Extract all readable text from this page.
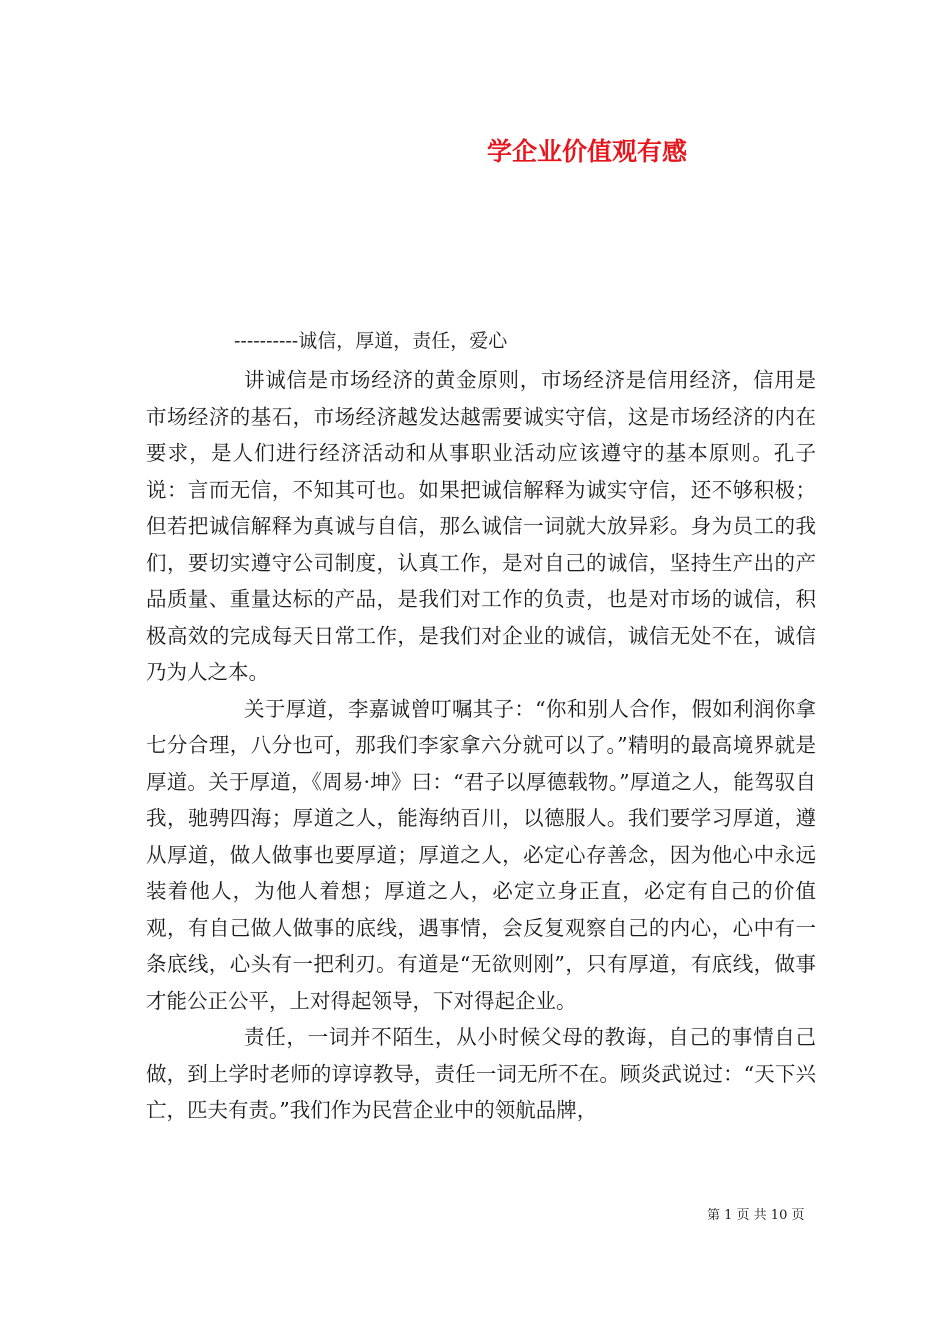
学企业价值观有感
----------诚信，厚道，责任，爱心

讲诚信是市场经济的黄金原则，市场经济是信用经济，信用是市场经济的基石，市场经济越发达越需要诚实守信，这是市场经济的内在要求，是人们进行经济活动和从事职业活动应该遵守的基本原则。孔子说：言而无信，不知其可也。如果把诚信解释为诚实守信，还不够积极；但若把诚信解释为真诚与自信，那么诚信一词就大放异彩。身为员工的我们，要切实遵守公司制度，认真工作，是对自己的诚信，坚持生产出的产品质量、重量达标的产品，是我们对工作的负责，也是对市场的诚信，积极高效的完成每天日常工作，是我们对企业的诚信，诚信无处不在，诚信乃为人之本。

关于厚道，李嘉诚曾叮嘱其子：“你和别人合作，假如利润你拿七分合理，八分也可，那我们李家拿六分就可以了。”精明的最高境界就是厚道。关于厚道，《周易·坤》曰：“君子以厚德载物。”厚道之人，能驾驭自我，驰骋四海；厚道之人，能海纳百川，以德服人。我们要学习厚道，遵从厚道，做人做事也要厚道；厚道之人，必定心存善念，因为他心中永远装着他人，为他人着想；厚道之人，必定立身正直，必定有自己的价值观，有自己做人做事的底线，遇事情，会反复观察自己的内心，心中有一条底线，心头有一把利刃。有道是“无欲则刚”，只有厚道，有底线，做事才能公正公平，上对得起领导，下对得起企业。

责任，一词并不陌生，从小时候父母的教诲，自己的事情自己做，到上学时老师的谆谆教导，责任一词无所不在。顾炎武说过：“天下兴亡，匹夫有责。”我们作为民营企业中的领航品牌，

第 1 页 共 10 页
